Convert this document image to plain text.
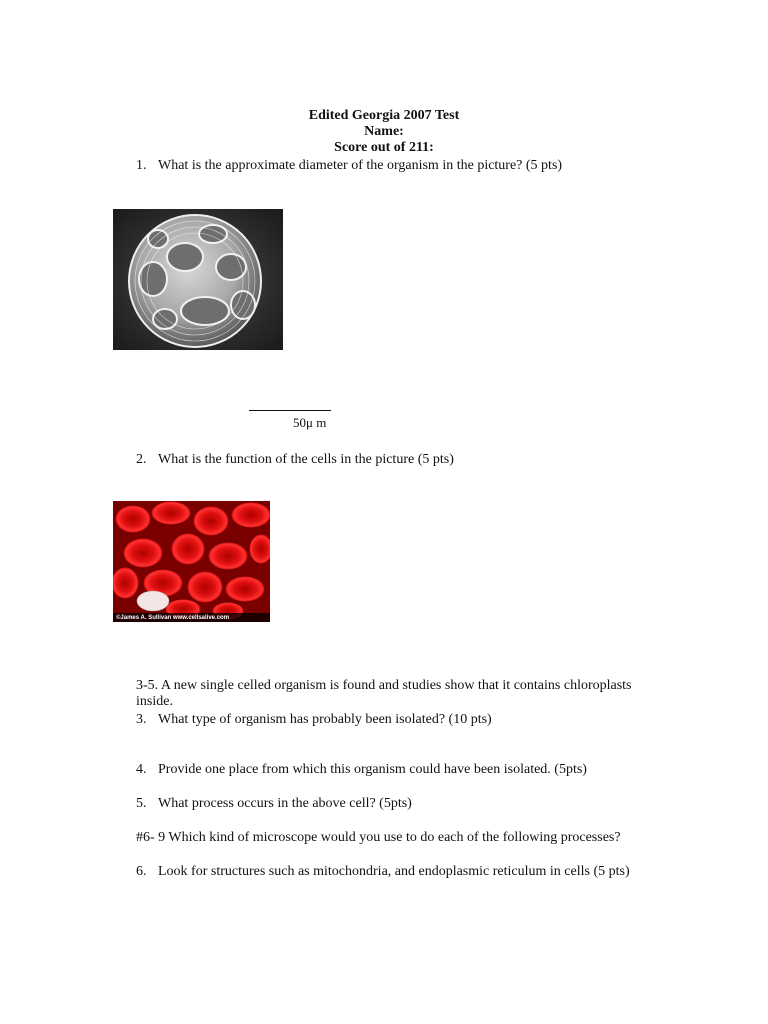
Edited Georgia 2007 Test
Name:
Score out of 211:
1. What is the approximate diameter of the organism in the picture? (5 pts)
50μ m
2. What is the function of the cells in the picture (5 pts)
©James A. Sullivan www.cellsalive.com
3-5. A new single celled organism is found and studies show that it contains chloroplasts inside.
3. What type of organism has probably been isolated? (10 pts)
4. Provide one place from which this organism could have been isolated. (5pts)
5. What process occurs in the above cell? (5pts)
#6- 9 Which kind of microscope would you use to do each of the following processes?
6. Look for structures such as mitochondria, and endoplasmic reticulum in cells (5 pts)
